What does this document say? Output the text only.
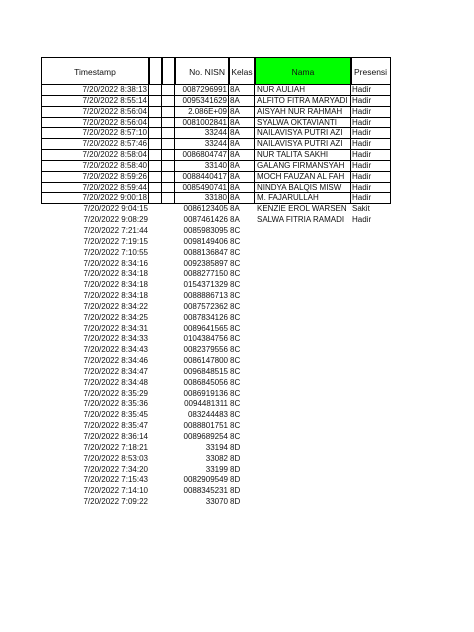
Timestamp	No. NISN Kelas	Nama	Presensi
7/20/2022 8:38:13	0087296991 8A	NUR AULIAH	Hadir
7/20/2022 8:55:14	0095341629 8A	ALFITO FITRA MARYADI Hadir
7/20/2022 8:56:04	2.086E+09 8A	AISYAH NUR RAHMAH	Hadir
7/20/2022 8:56:04	0081002841 8A	SYALWA OKTAVIANTI	Hadir
7/20/2022 8:57:10	33244 8A	NAILAVISYA PUTRI AZI	Hadir
7/20/2022 8:57:46	33244 8A	NAILAVISYA PUTRI AZI	Hadir
7/20/2022 8:58:04	0086804747 8A	NUR TALITA SAKHI	Hadir
7/20/2022 8:58:40	33140 8A	GALANG FIRMANSYAH Hadir
7/20/2022 8:59:26	0088440417 8A	MOCH FAUZAN AL FAH Hadir
7/20/2022 8:59:44	0085490741 8A	NINDYA BALQIS MISW	Hadir
7/20/2022 9:00:18	33180 8A	M. FAJARULLAH	Hadir
7/20/2022 9:04:15	0086123405 8A	KENZIE EROL WARSEN Sakit
7/20/2022 9:08:29	0087461426 8A	SALWA FITRIA RAMADI Hadir
7/20/2022 7:21:44	0085983095 8C
7/20/2022 7:19:15	0098149406 8C
7/20/2022 7:10:55	0088136847 8C
7/20/2022 8:34:16	0092385897 8C
7/20/2022 8:34:18	0088277150 8C
7/20/2022 8:34:18	0154371329 8C
7/20/2022 8:34:18	0088886713 8C
7/20/2022 8:34:22	0087572362 8C
7/20/2022 8:34:25	0087834126 8C
7/20/2022 8:34:31	0089641565 8C
7/20/2022 8:34:33	0104384756 8C
7/20/2022 8:34:43	0082379556 8C
7/20/2022 8:34:46	0086147800 8C
7/20/2022 8:34:47	0096848515 8C
7/20/2022 8:34:48	0086845056 8C
7/20/2022 8:35:29	0086919136 8C
7/20/2022 8:35:36	0094481311 8C
7/20/2022 8:35:45	083244483 8C
7/20/2022 8:35:47	0088801751 8C
7/20/2022 8:36:14	0089689254 8C
7/20/2022 7:18:21	33194 8D
7/20/2022 8:53:03	33082 8D
7/20/2022 7:34:20	33199 8D
7/20/2022 7:15:43	0082909549 8D
7/20/2022 7:14:10	0088345231 8D
7/20/2022 7:09:22	33070 8D
